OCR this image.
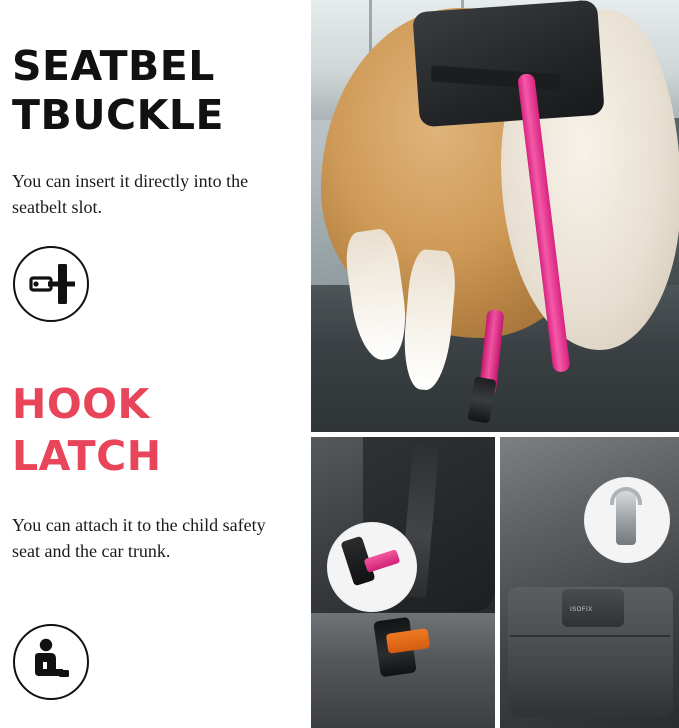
SEATBEL
TBUCKLE
You can insert it directly into the seatbelt slot.
HOOK
LATCH
You can attach it to the child safety seat and the car trunk.
ISOFIX
